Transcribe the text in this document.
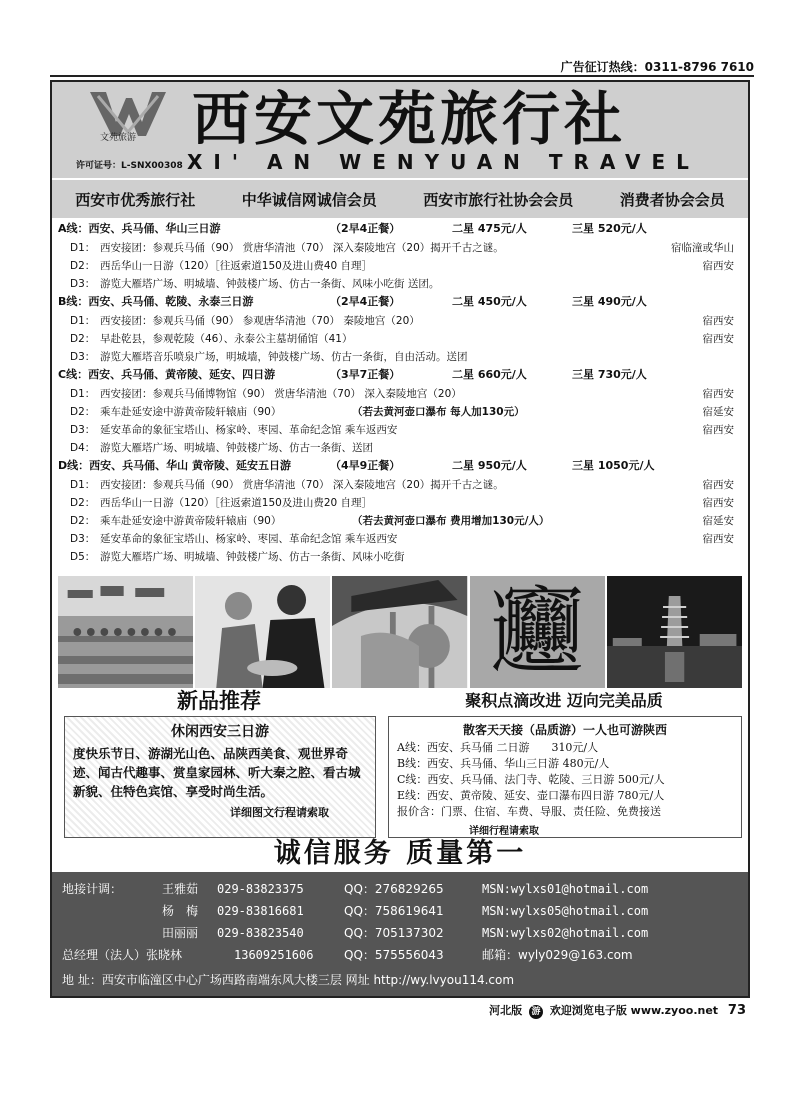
广告征订热线：0311-8796 7610
文苑旅游
许可证号：L-SNX00308
西安文苑旅行社
XI' AN WENYUAN TRAVEL
西安市优秀旅行社	中华诚信网诚信会员	西安市旅行社协会会员	消费者协会会员
A线：西安、兵马俑、华山三日游	（2早4正餐）	二星 475元/人	三星 520元/人
D1： 西安接团：参观兵马俑（90） 赏唐华清池（70） 深入秦陵地宫（20）揭开千古之谜。	宿临潼或华山
D2： 西岳华山一日游（120）［往返索道150及进山费40 自理］	宿西安
D3： 游览大雁塔广场、明城墙、钟鼓楼广场、仿古一条街、风味小吃街 送团。
B线：西安、兵马俑、乾陵、永泰三日游	（2早4正餐）	二星 450元/人	三星 490元/人
D1： 西安接团：参观兵马俑（90） 参观唐华清池（70） 秦陵地宫（20）	宿西安
D2： 早赴乾县，参观乾陵（46）、永泰公主墓胡俑馆（41）	宿西安
D3： 游览大雁塔音乐喷泉广场，明城墙，钟鼓楼广场、仿古一条街，自由活动。送团
C线：西安、兵马俑、黄帝陵、延安、四日游	（3早7正餐）	二星 660元/人	三星 730元/人
D1： 西安接团：参观兵马俑博物馆（90） 赏唐华清池（70） 深入秦陵地宫（20）	宿西安
D2： 乘车赴延安途中游黄帝陵轩辕庙（90）	（若去黄河壶口瀑布 每人加130元）	宿延安
D3： 延安革命的象征宝塔山、杨家岭、枣园、革命纪念馆 乘车返西安	宿西安
D4： 游览大雁塔广场、明城墙、钟鼓楼广场、仿古一条街、送团
D线：西安、兵马俑、华山 黄帝陵、延安五日游	（4早9正餐）	二星 950元/人	三星 1050元/人
D1： 西安接团：参观兵马俑（90） 赏唐华清池（70） 深入秦陵地宫（20）揭开千古之谜。	宿西安
D2： 西岳华山一日游（120）［往返索道150及进山费20 自理］	宿西安
D2： 乘车赴延安途中游黄帝陵轩辕庙（90）	（若去黄河壶口瀑布 费用增加130元/人）	宿延安
D3： 延安革命的象征宝塔山、杨家岭、枣园、革命纪念馆 乘车返西安	宿西安
D5： 游览大雁塔广场、明城墙、钟鼓楼广场、仿古一条街、风味小吃街
𰻞
新品推荐
休闲西安三日游
度快乐节日、游湖光山色、品陕西美食、观世界奇迹、闻古代趣事、赏皇家园林、听大秦之腔、看古城新貌、住特色宾馆、享受时尚生活。
详细图文行程请索取
聚积点滴改进 迈向完美品质
散客天天接（品质游）一人也可游陕西
A线：西安、兵马俑 二日游　　310元/人
B线：西安、兵马俑、华山三日游 480元/人
C线：西安、兵马俑、法门寺、乾陵、三日游 500元/人
E线：西安、黄帝陵、延安、壶口瀑布四日游 780元/人
报价含：门票、住宿、车费、导服、责任险、免费接送
详细行程请索取
诚信服务 质量第一
地接计调：	王雅茹 029-83823375	QQ：276829265	MSN:wylxs01@hotmail.com
杨　梅 029-83816681	QQ：758619641	MSN:wylxs05@hotmail.com
田丽丽 029-83823540	QQ：705137302	MSN:wylxs02@hotmail.com
总经理（法人）张晓林	13609251606	QQ：575556043	邮箱：wyly029@163.com
地 址：西安市临潼区中心广场西路南端东风大楼三层 网址 http://wy.lvyou114.com
河北版 游 欢迎浏览电子版 www.zyoo.net 73
